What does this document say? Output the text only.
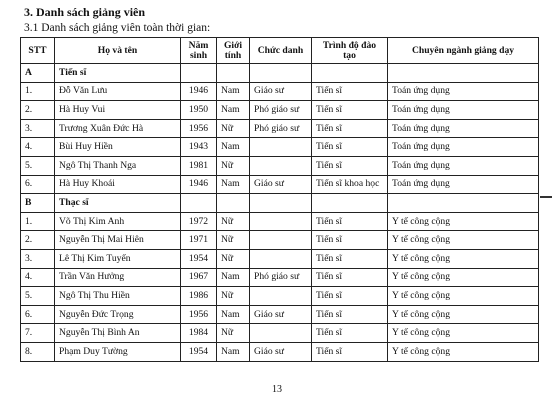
3. Danh sách giảng viên
3.1 Danh sách giảng viên toàn thời gian:
STT	Họ và tên	Năm sinh	Giới tính	Chức danh	Trình độ đào tạo	Chuyên ngành giảng dạy
A	Tiến sĩ					
1.	Đỗ Văn Lưu	1946	Nam	Giáo sư	Tiến sĩ	Toán ứng dụng
2.	Hà Huy Vui	1950	Nam	Phó giáo sư	Tiến sĩ	Toán ứng dụng
3.	Trương Xuân Đức Hà	1956	Nữ	Phó giáo sư	Tiến sĩ	Toán ứng dụng
4.	Bùi Huy Hiền	1943	Nam		Tiến sĩ	Toán ứng dụng
5.	Ngô Thị Thanh Nga	1981	Nữ		Tiến sĩ	Toán ứng dụng
6.	Hà Huy Khoái	1946	Nam	Giáo sư	Tiến sĩ khoa học	Toán ứng dụng
B	Thạc sĩ					
1.	Võ Thị Kim Anh	1972	Nữ		Tiến sĩ	Y tế công cộng
2.	Nguyễn Thị Mai Hiên	1971	Nữ		Tiến sĩ	Y tế công cộng
3.	Lê Thị Kim Tuyến	1954	Nữ		Tiến sĩ	Y tế công cộng
4.	Trần Văn Hưởng	1967	Nam	Phó giáo sư	Tiến sĩ	Y tế công cộng
5.	Ngô Thị Thu Hiền	1986	Nữ		Tiến sĩ	Y tế công cộng
6.	Nguyễn Đức Trọng	1956	Nam	Giáo sư	Tiến sĩ	Y tế công cộng
7.	Nguyễn Thị Bình An	1984	Nữ		Tiến sĩ	Y tế công cộng
8.	Phạm Duy Tường	1954	Nam	Giáo sư	Tiến sĩ	Y tế công cộng
13
